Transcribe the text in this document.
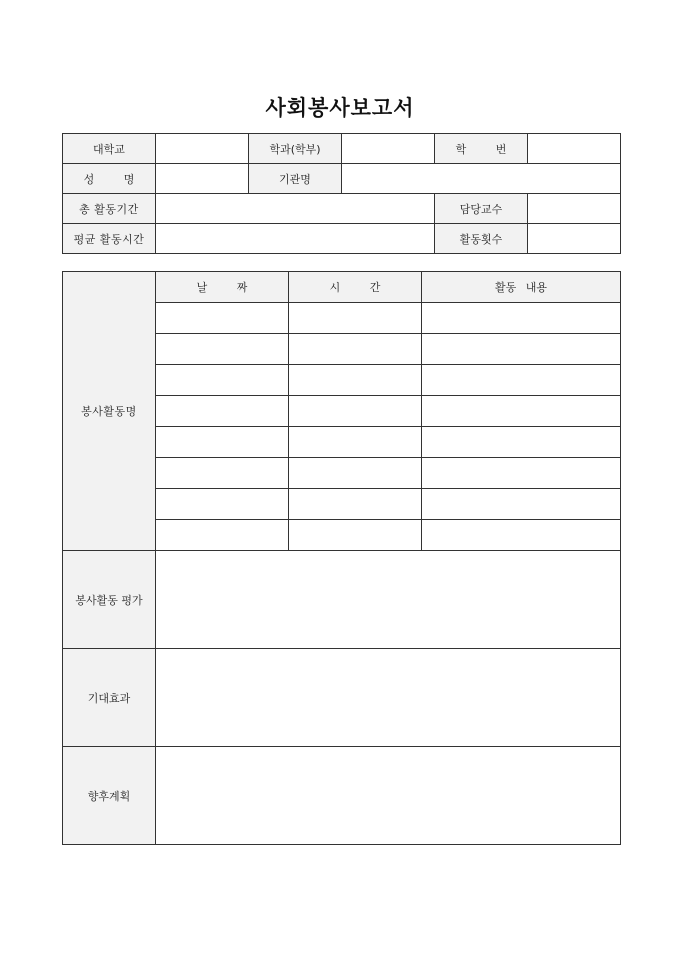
사회봉사보고서
대학교		학과(학부)		학 번	
성 명		기관명			
총 활동기간				담당교수	
평균 활동시간				활동횟수	
봉사활동명	날 짜	시 간	활동 내용

봉사활동 평가			
기대효과			
향후계획			
